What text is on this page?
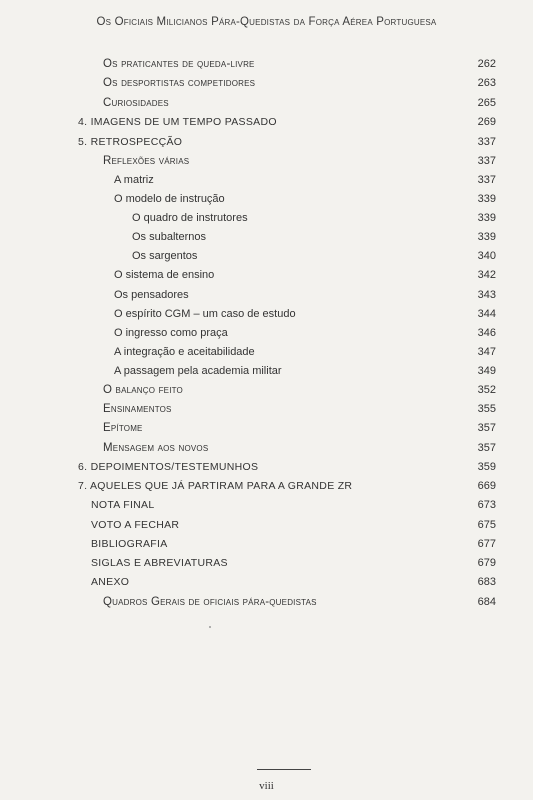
Os Oficiais Milicianos Pára-Quedistas da Força Aérea Portuguesa
Os praticantes de queda-livre	262
Os desportistas competidores	263
Curiosidades	265
4. IMAGENS DE UM TEMPO PASSADO	269
5. RETROSPECÇÃO	337
Reflexões várias	337
A matriz	337
O modelo de instrução	339
O quadro de instrutores	339
Os subalternos	339
Os sargentos	340
O sistema de ensino	342
Os pensadores	343
O espírito CGM – um caso de estudo	344
O ingresso como praça	346
A integração e aceitabilidade	347
A passagem pela academia militar	349
O balanço feito	352
Ensinamentos	355
Epítome	357
Mensagem aos novos	357
6. DEPOIMENTOS/TESTEMUNHOS	359
7. AQUELES QUE JÁ PARTIRAM PARA A GRANDE ZR	669
NOTA FINAL	673
VOTO A FECHAR	675
BIBLIOGRAFIA	677
SIGLAS E ABREVIATURAS	679
ANEXO	683
Quadros Gerais de oficiais pára-quedistas	684
viii
